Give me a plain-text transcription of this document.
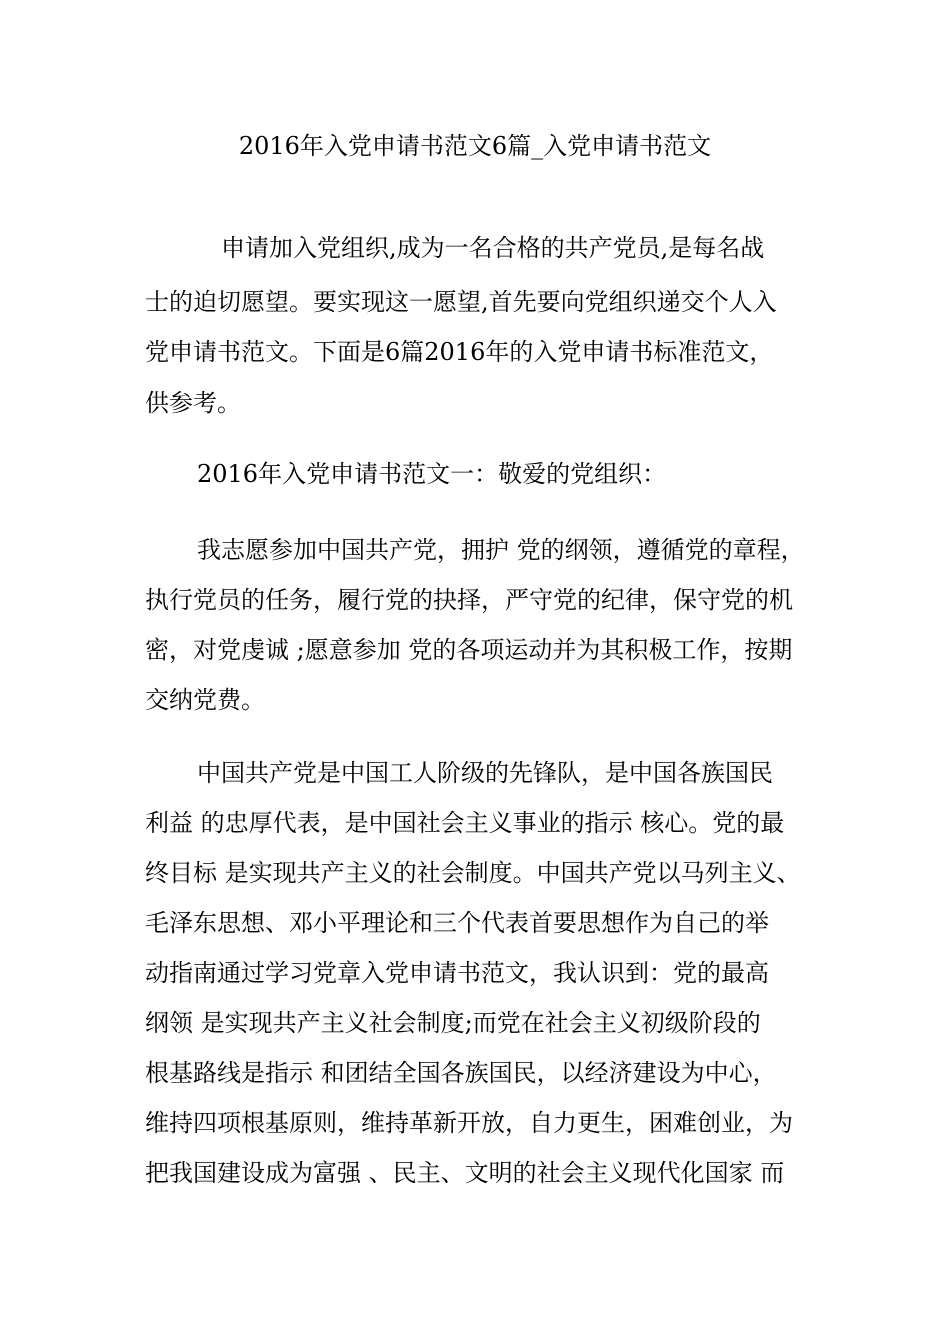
2016年入党申请书范文6篇_入党申请书范文
申请加入党组织,成为一名合格的共产党员,是每名战
士的迫切愿望。要实现这一愿望,首先要向党组织递交个人入
党申请书范文。下面是6篇2016年的入党申请书标准范文，
供参考。
2016年入党申请书范文一：敬爱的党组织：
我志愿参加中国共产党，拥护 党的纲领，遵循党的章程，
执行党员的任务，履行党的抉择，严守党的纪律，保守党的机
密，对党虔诚 ;愿意参加 党的各项运动并为其积极工作，按期
交纳党费。
中国共产党是中国工人阶级的先锋队，是中国各族国民
利益 的忠厚代表，是中国社会主义事业的指示 核心。党的最
终目标 是实现共产主义的社会制度。中国共产党以马列主义、
毛泽东思想、邓小平理论和三个代表首要思想作为自己的举
动指南通过学习党章入党申请书范文，我认识到：党的最高
纲领 是实现共产主义社会制度;而党在社会主义初级阶段的
根基路线是指示 和团结全国各族国民，以经济建设为中心，
维持四项根基原则，维持革新开放，自力更生，困难创业，为
把我国建设成为富强 、民主、文明的社会主义现代化国家 而
